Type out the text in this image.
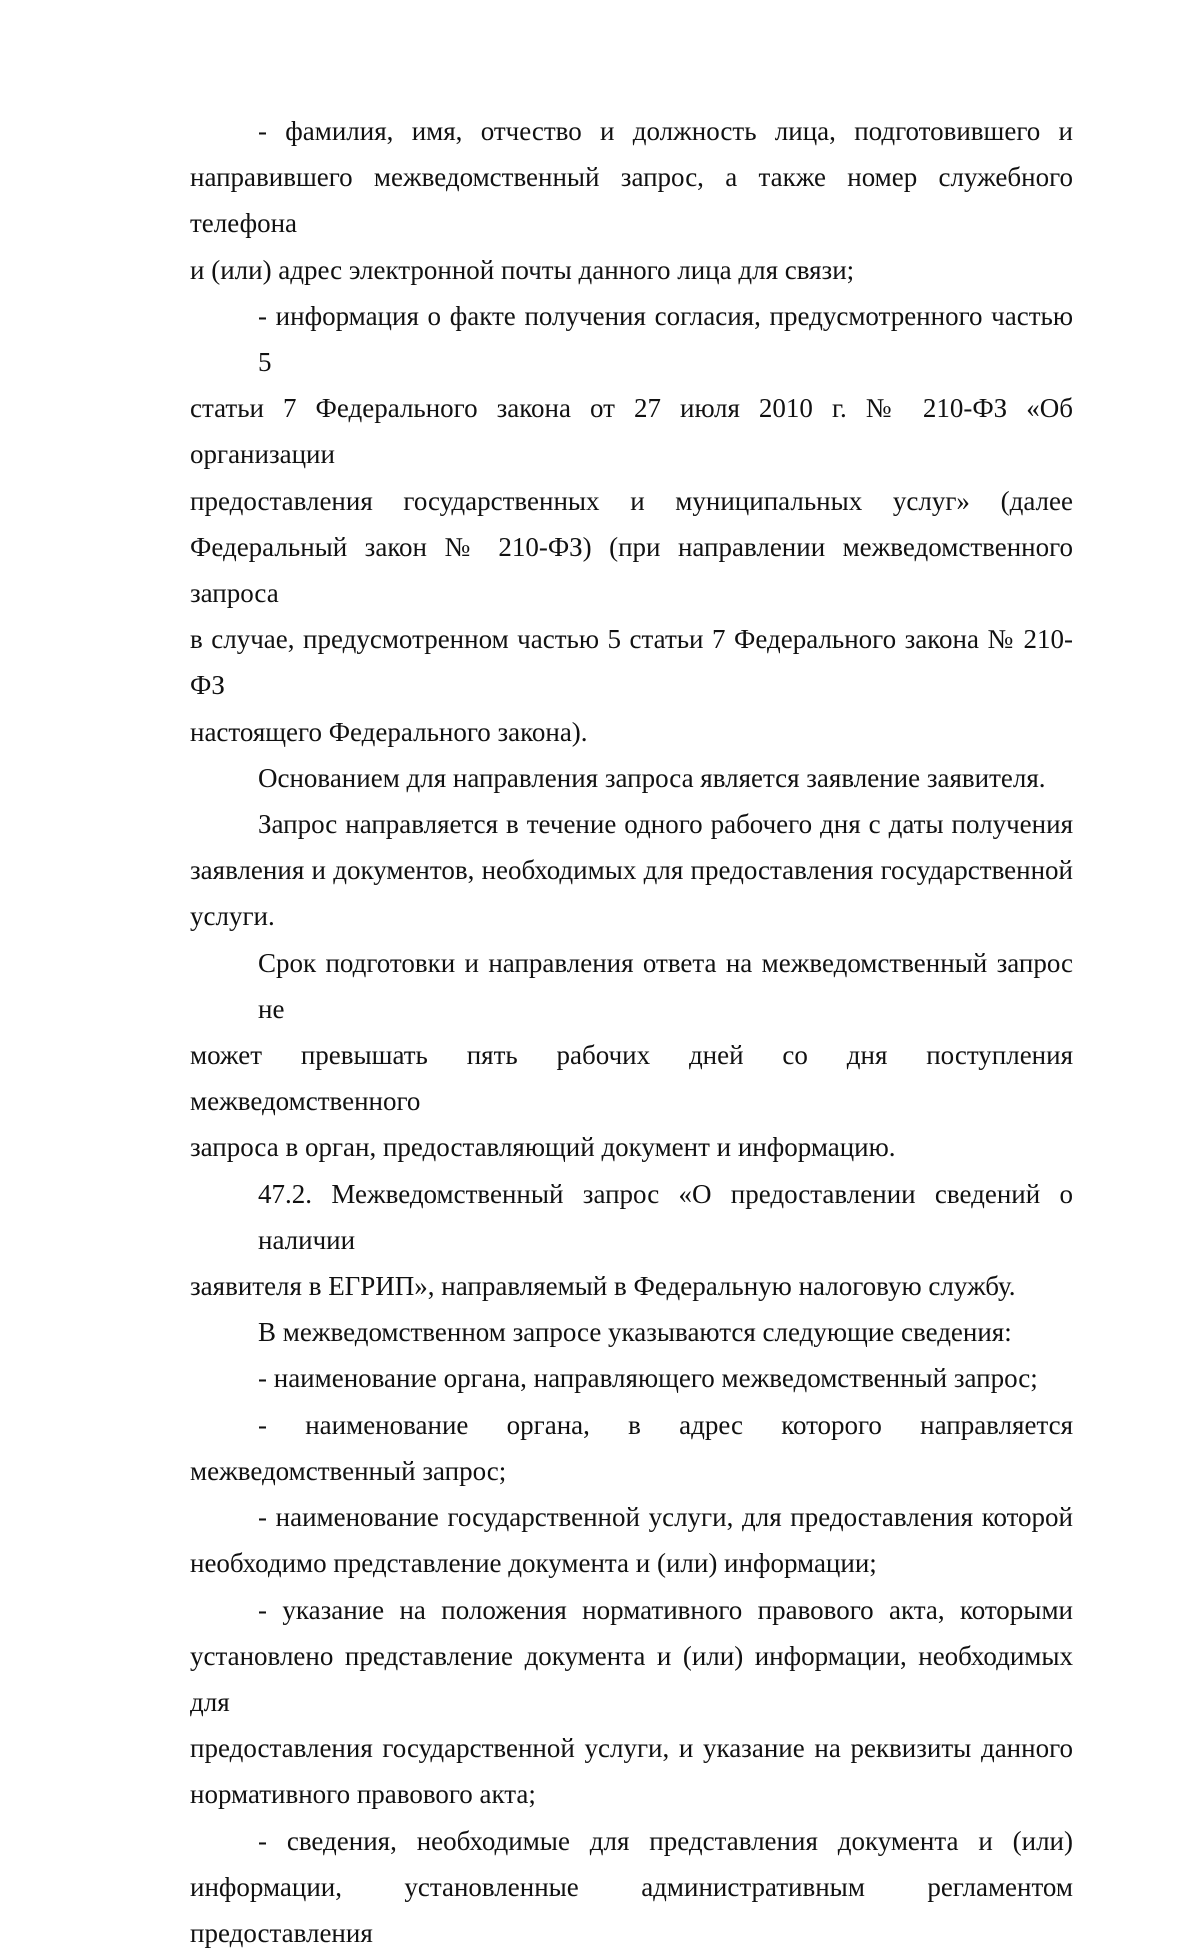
- фамилия, имя, отчество и должность лица, подготовившего и
направившего межведомственный запрос, а также номер служебного телефона
и (или) адрес электронной почты данного лица для связи;
- информация о факте получения согласия, предусмотренного частью 5
статьи 7 Федерального закона от 27 июля 2010 г. № 210-ФЗ «Об организации
предоставления государственных и муниципальных услуг» (далее
Федеральный закон № 210-ФЗ) (при направлении межведомственного запроса
в случае, предусмотренном частью 5 статьи 7 Федерального закона № 210-ФЗ
настоящего Федерального закона).
Основанием для направления запроса является заявление заявителя.
Запрос направляется в течение одного рабочего дня с даты получения
заявления и документов, необходимых для предоставления государственной
услуги.
Срок подготовки и направления ответа на межведомственный запрос не
может превышать пять рабочих дней со дня поступления межведомственного
запроса в орган, предоставляющий документ и информацию.
47.2. Межведомственный запрос «О предоставлении сведений о наличии
заявителя в ЕГРИП», направляемый в Федеральную налоговую службу.
В межведомственном запросе указываются следующие сведения:
- наименование органа, направляющего межведомственный запрос;
- наименование органа, в адрес которого направляется
межведомственный запрос;
- наименование государственной услуги, для предоставления которой
необходимо представление документа и (или) информации;
- указание на положения нормативного правового акта, которыми
установлено представление документа и (или) информации, необходимых для
предоставления государственной услуги, и указание на реквизиты данного
нормативного правового акта;
- сведения, необходимые для представления документа и (или)
информации, установленные административным регламентом предоставления
